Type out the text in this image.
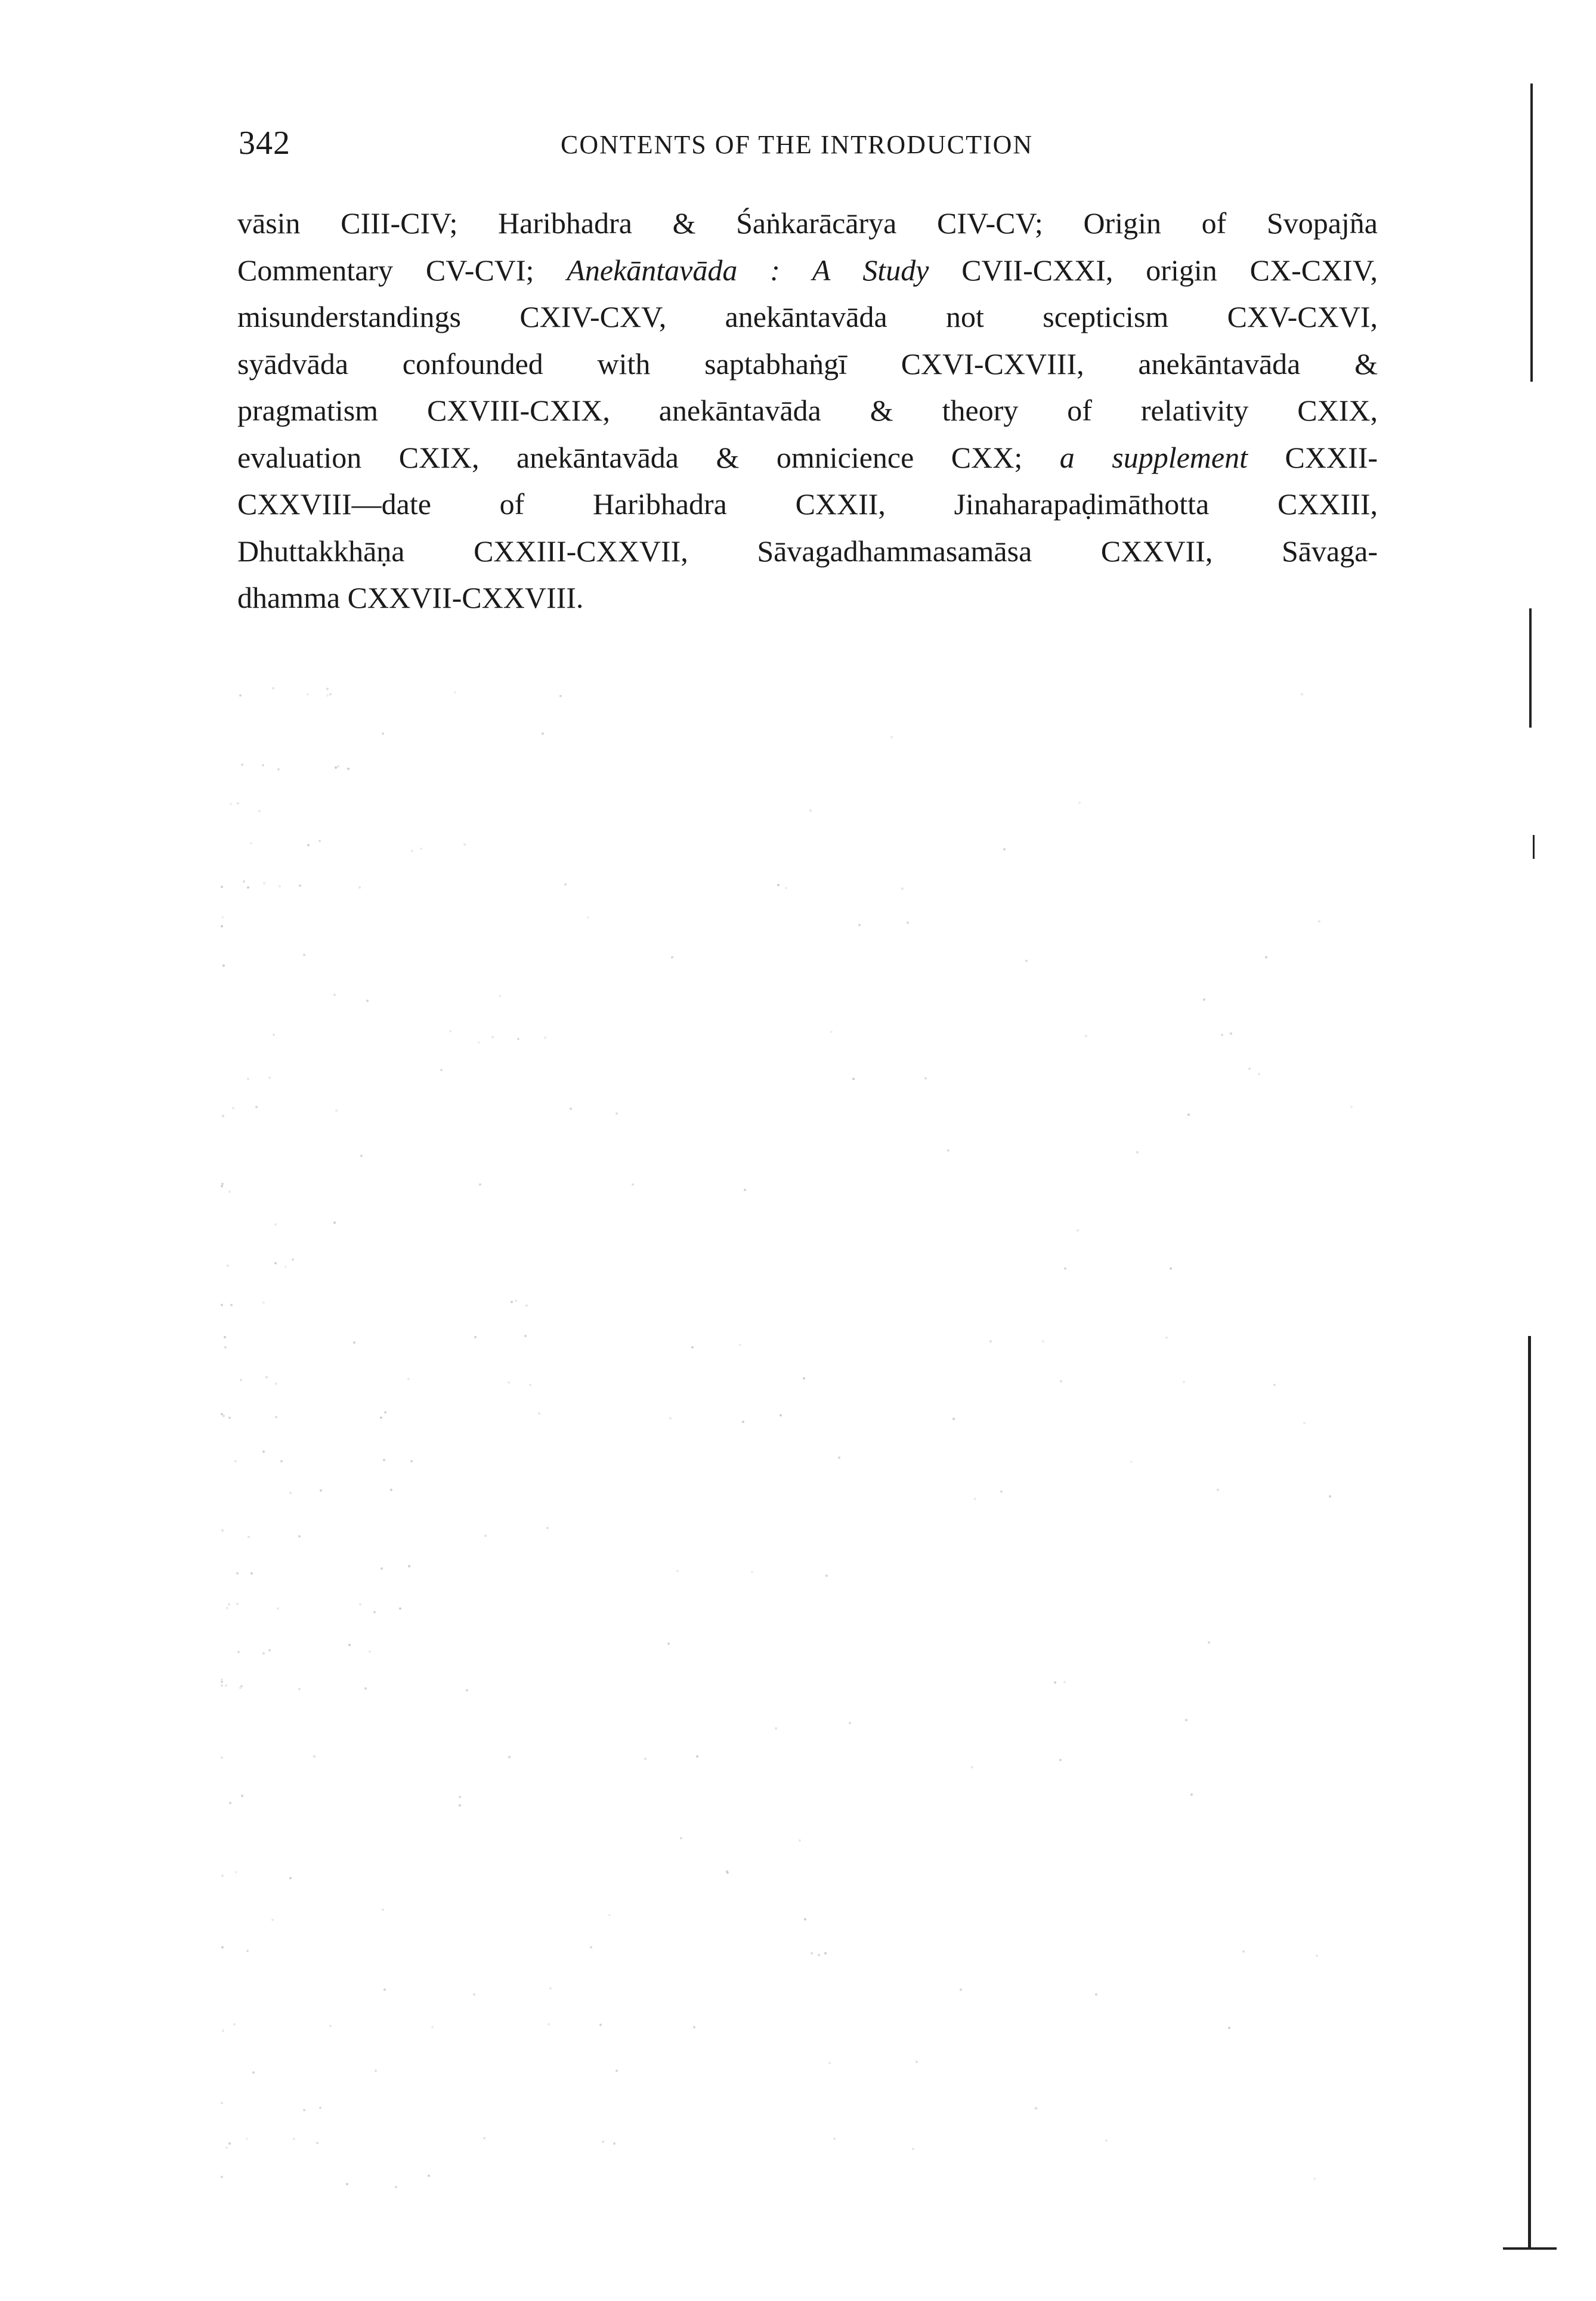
342	CONTENTS OF THE INTRODUCTION
vāsin CIII-CIV; Haribhadra & Śaṅkarācārya CIV-CV; Origin of Svopajña
Commentary CV-CVI; Anekāntavāda : A Study CVII-CXXI, origin CX-CXIV,
misunderstandings CXIV-CXV, anekāntavāda not scepticism CXV-CXVI,
syādvāda confounded with saptabhaṅgī CXVI-CXVIII, anekāntavāda &
pragmatism CXVIII-CXIX, anekāntavāda & theory of relativity CXIX,
evaluation CXIX, anekāntavāda & omnicience CXX; a supplement CXXII-
CXXVIII—date of Haribhadra CXXII, Jinaharapaḍimāthotta CXXIII,
Dhuttakkhāṇa CXXIII-CXXVII, Sāvagadhammasamāsa CXXVII, Sāvaga-
dhamma CXXVII-CXXVIII.
